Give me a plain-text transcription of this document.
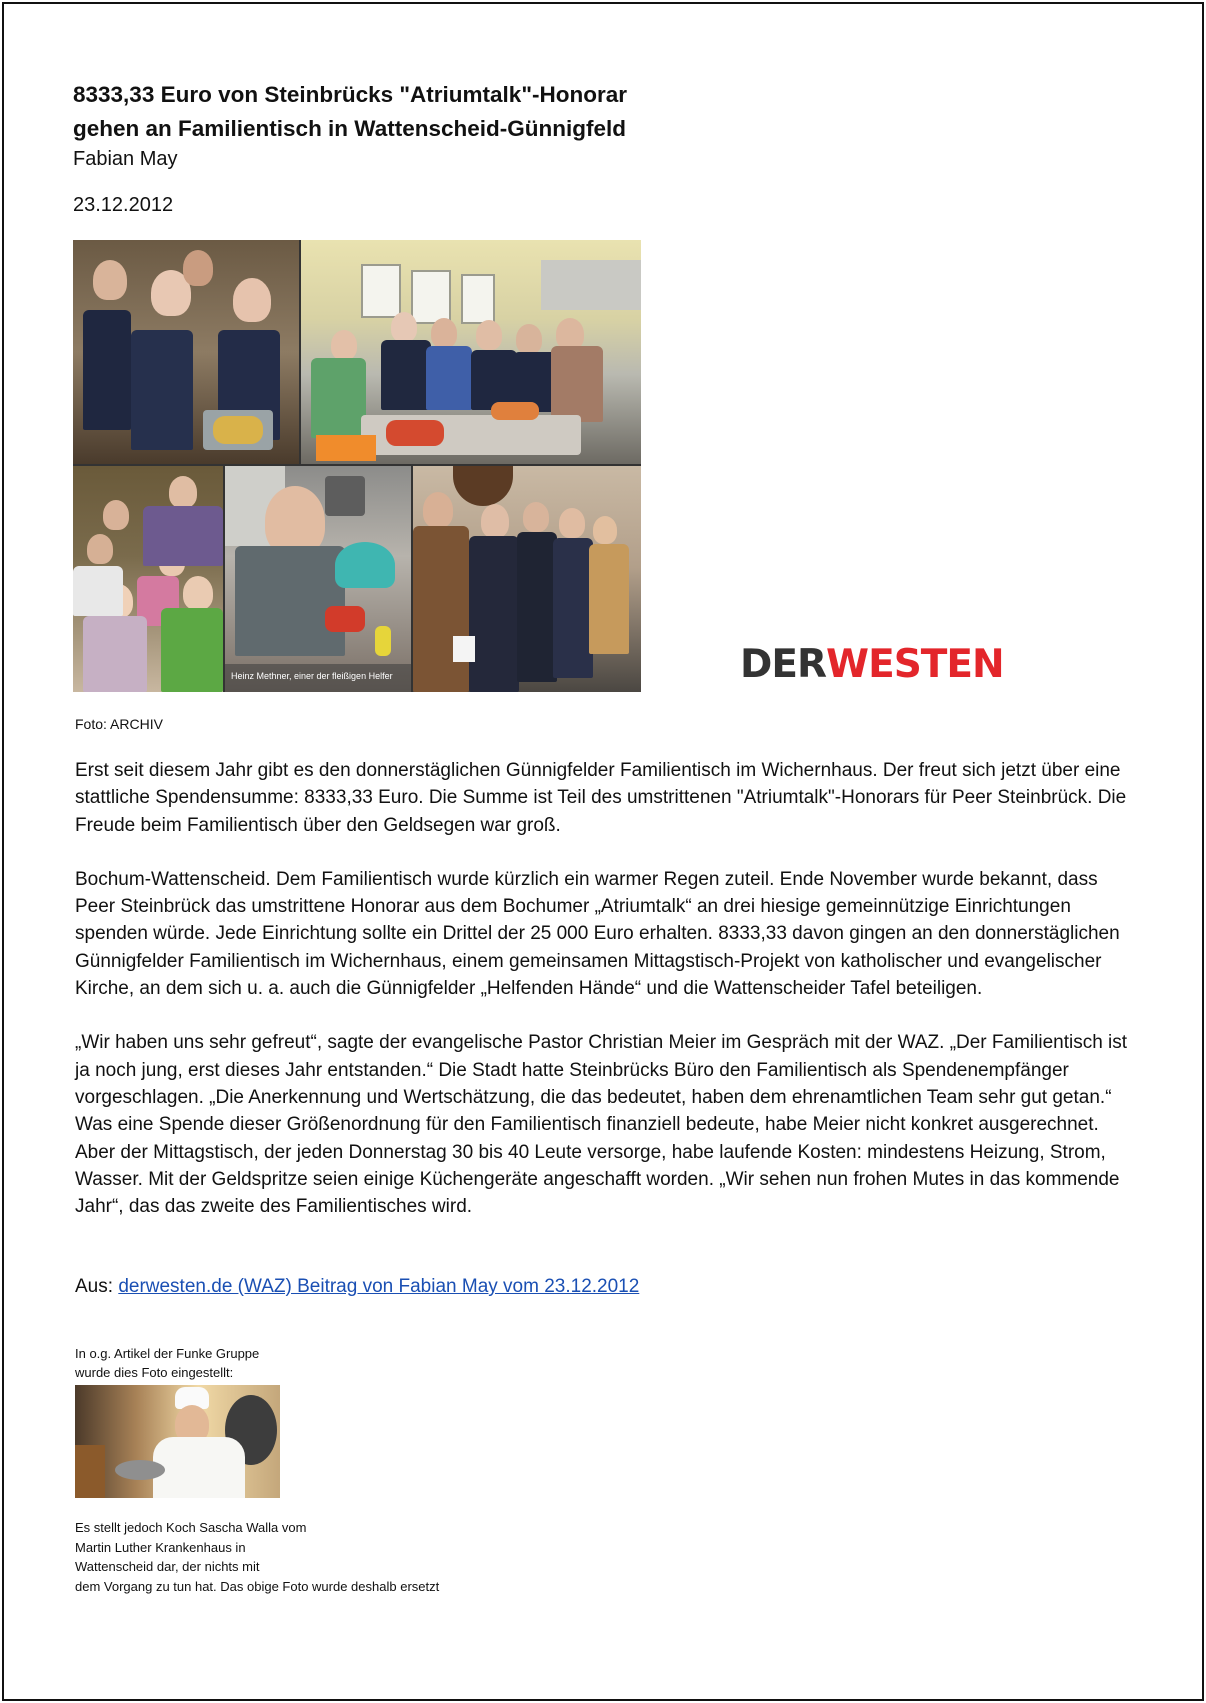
8333,33 Euro von Steinbrücks "Atriumtalk"-Honorar
gehen an Familientisch in Wattenscheid-Günnigfeld
Fabian May
23.12.2012
Heinz Methner, einer der fleißigen Helfer	DERWESTEN
Foto: ARCHIV

Erst seit diesem Jahr gibt es den donnerstäglichen Günnigfelder Familientisch im Wichernhaus. Der freut sich jetzt über eine stattliche Spendensumme: 8333,33 Euro. Die Summe ist Teil des umstrittenen "Atriumtalk"-Honorars für Peer Steinbrück. Die Freude beim Familientisch über den Geldsegen war groß.

Bochum-Wattenscheid. Dem Familientisch wurde kürzlich ein warmer Regen zuteil. Ende November wurde bekannt, dass Peer Steinbrück das umstrittene Honorar aus dem Bochumer „Atriumtalk“ an drei hiesige gemeinnützige Einrichtungen spenden würde. Jede Einrichtung sollte ein Drittel der 25 000 Euro erhalten. 8333,33 davon gingen an den donnerstäglichen Günnigfelder Familientisch im Wichernhaus, einem gemeinsamen Mittagstisch-Projekt von katholischer und evangelischer Kirche, an dem sich u. a. auch die Günnigfelder „Helfenden Hände“ und die Wattenscheider Tafel beteiligen.

„Wir haben uns sehr gefreut“, sagte der evangelische Pastor Christian Meier im Gespräch mit der WAZ. „Der Familientisch ist ja noch jung, erst dieses Jahr entstanden.“ Die Stadt hatte Steinbrücks Büro den Familientisch als Spendenempfänger vorgeschlagen. „Die Anerkennung und Wertschätzung, die das bedeutet, haben dem ehrenamtlichen Team sehr gut getan.“ Was eine Spende dieser Größenordnung für den Familientisch finanziell bedeute, habe Meier nicht konkret ausgerechnet. Aber der Mittagstisch, der jeden Donnerstag 30 bis 40 Leute versorge, habe laufende Kosten: mindestens Heizung, Strom, Wasser. Mit der Geldspritze seien einige Küchengeräte angeschafft worden. „Wir sehen nun frohen Mutes in das kommende Jahr“, das das zweite des Familientisches wird.

Aus: derwesten.de (WAZ) Beitrag von Fabian May vom 23.12.2012
In o.g. Artikel der Funke Gruppe
wurde dies Foto eingestellt:
Es stellt jedoch Koch Sascha Walla vom
Martin Luther Krankenhaus in
Wattenscheid dar, der nichts mit
dem Vorgang zu tun hat. Das obige Foto wurde deshalb ersetzt
